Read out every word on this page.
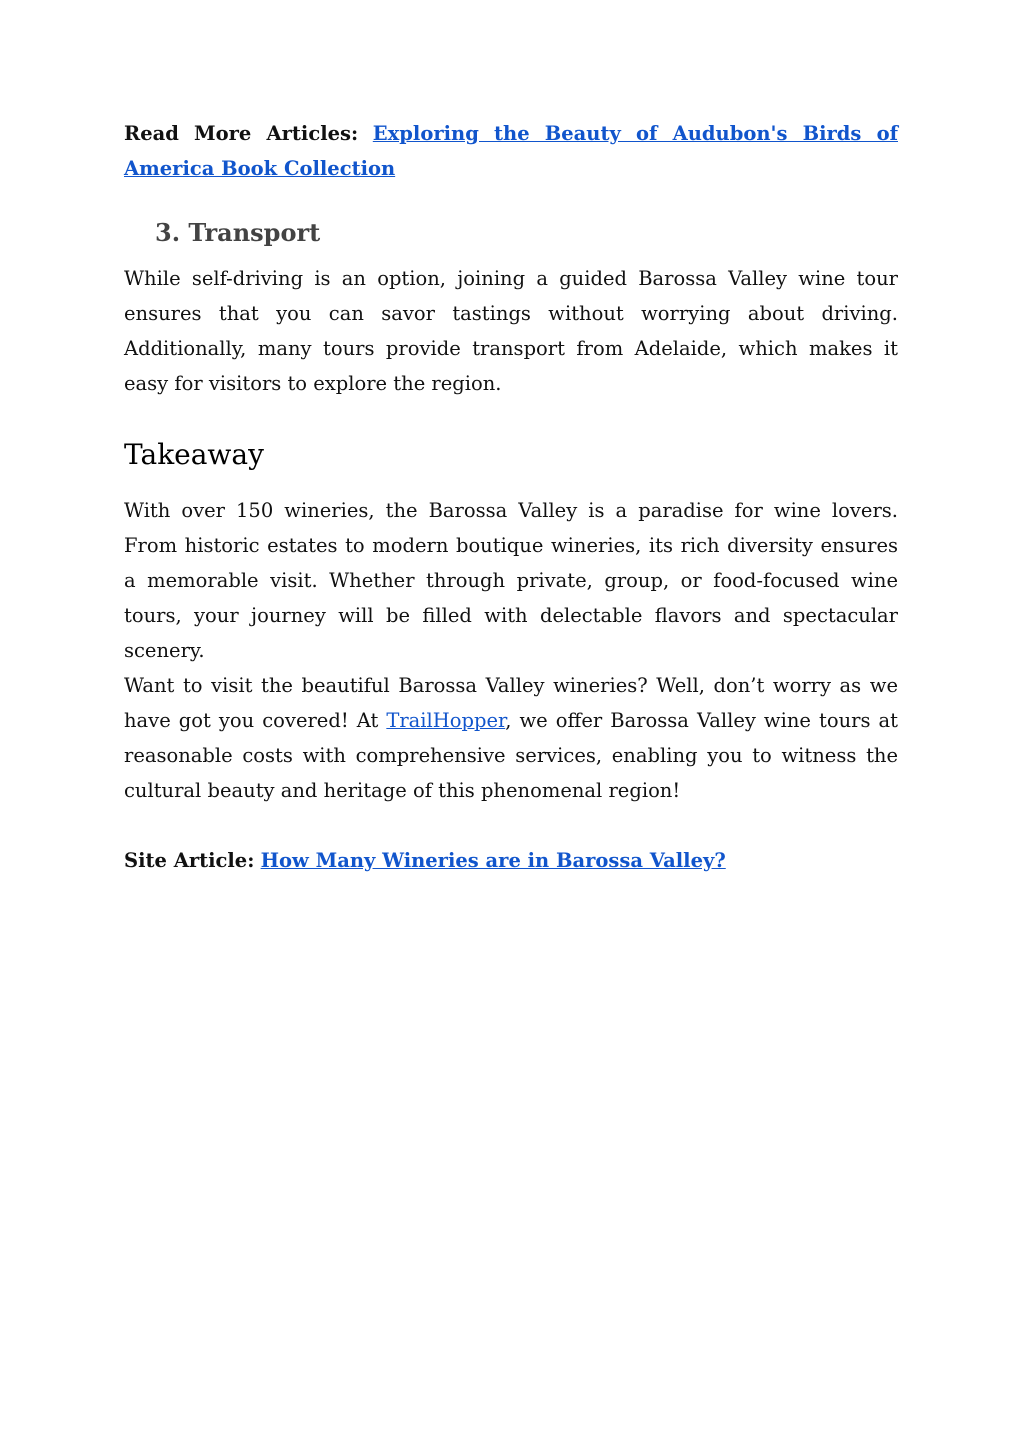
Read More Articles: Exploring the Beauty of Audubon's Birds of America Book Collection

3. Transport

While self-driving is an option, joining a guided Barossa Valley wine tour ensures that you can savor tastings without worrying about driving. Additionally, many tours provide transport from Adelaide, which makes it easy for visitors to explore the region.

Takeaway

With over 150 wineries, the Barossa Valley is a paradise for wine lovers. From historic estates to modern boutique wineries, its rich diversity ensures a memorable visit. Whether through private, group, or food-focused wine tours, your journey will be filled with delectable flavors and spectacular scenery.

Want to visit the beautiful Barossa Valley wineries? Well, don’t worry as we have got you covered! At TrailHopper, we offer Barossa Valley wine tours at reasonable costs with comprehensive services, enabling you to witness the cultural beauty and heritage of this phenomenal region!

Site Article: How Many Wineries are in Barossa Valley?
